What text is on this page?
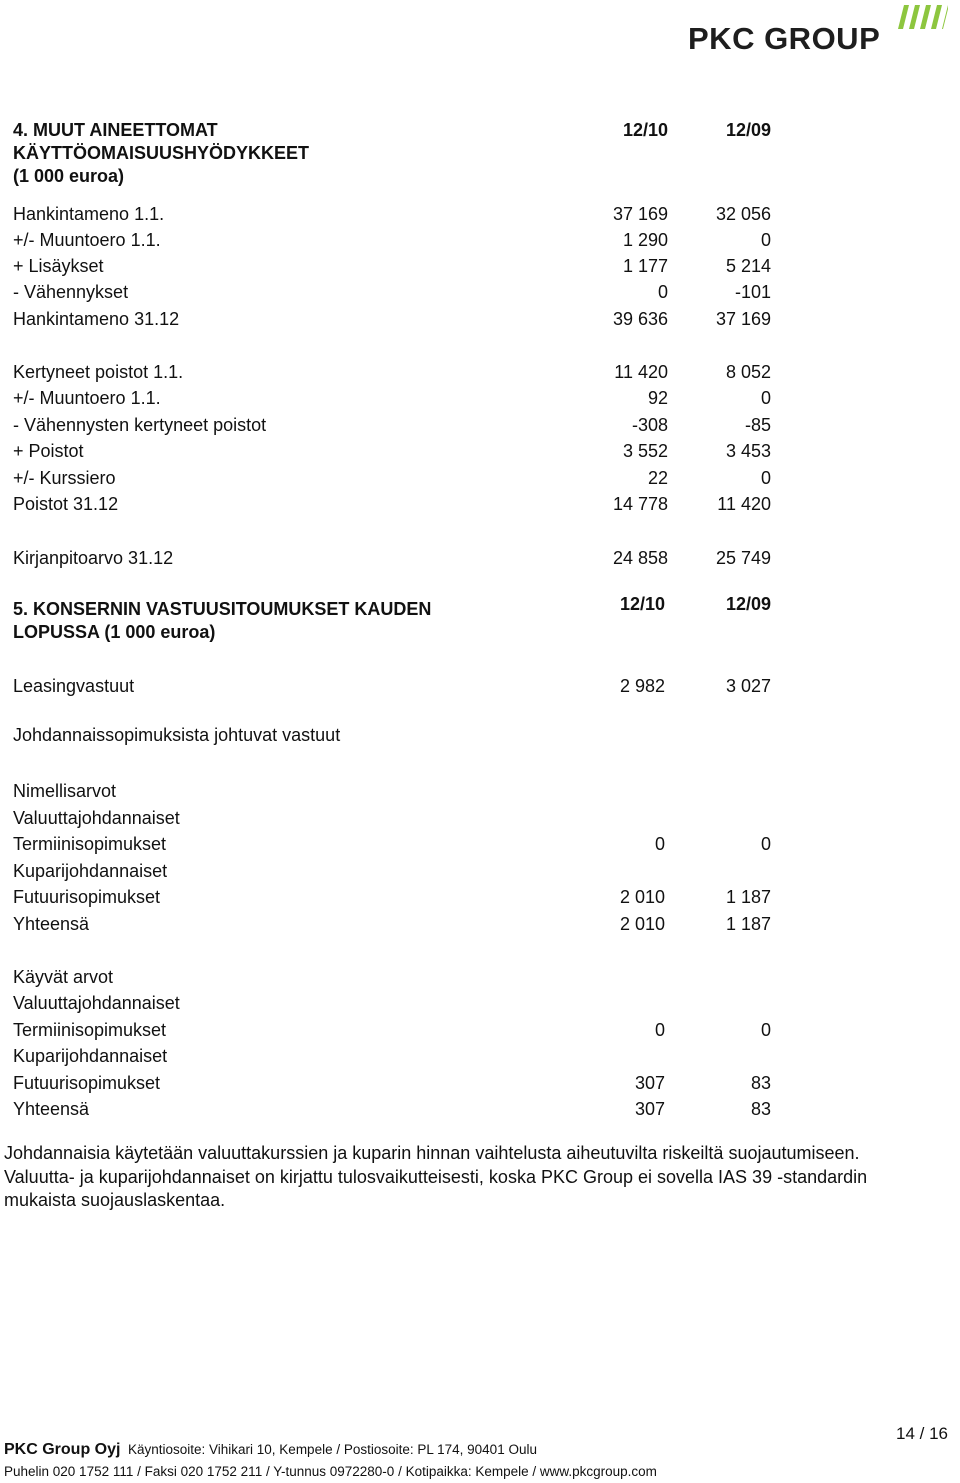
PKC GROUP
4. MUUT AINEETTOMAT
KÄYTTÖOMAISUUSHYÖDYKKEET
(1 000 euroa)
12/10	12/09
Hankintameno 1.1.	37 169	32 056
+/- Muuntoero 1.1.	1 290	0
+ Lisäykset	1 177	5 214
- Vähennykset	0	-101
Hankintameno 31.12	39 636	37 169
Kertyneet poistot 1.1.	11 420	8 052
+/- Muuntoero 1.1.	92	0
- Vähennysten kertyneet poistot	-308	-85
+ Poistot	3 552	3 453
+/- Kurssiero	22	0
Poistot 31.12	14 778	11 420
Kirjanpitoarvo 31.12	24 858	25 749
5. KONSERNIN VASTUUSITOUMUKSET KAUDEN
LOPUSSA (1 000 euroa)
12/10	12/09
Leasingvastuut	2 982	3 027
Johdannaissopimuksista johtuvat vastuut
Nimellisarvot
Valuuttajohdannaiset
Termiinisopimukset	0	0
Kuparijohdannaiset
Futuurisopimukset	2 010	1 187
Yhteensä	2 010	1 187
Käyvät arvot
Valuuttajohdannaiset
Termiinisopimukset	0	0
Kuparijohdannaiset
Futuurisopimukset	307	83
Yhteensä	307	83
Johdannaisia käytetään valuuttakurssien ja kuparin hinnan vaihtelusta aiheutuvilta riskeiltä suojautumiseen.
Valuutta- ja kuparijohdannaiset on kirjattu tulosvaikutteisesti, koska PKC Group ei sovella IAS 39 -standardin
mukaista suojauslaskentaa.
14 / 16
PKC Group Oyj Käyntiosoite: Vihikari 10, Kempele / Postiosoite: PL 174, 90401 Oulu
Puhelin 020 1752 111 / Faksi 020 1752 211 / Y-tunnus 0972280-0 / Kotipaikka: Kempele / www.pkcgroup.com
